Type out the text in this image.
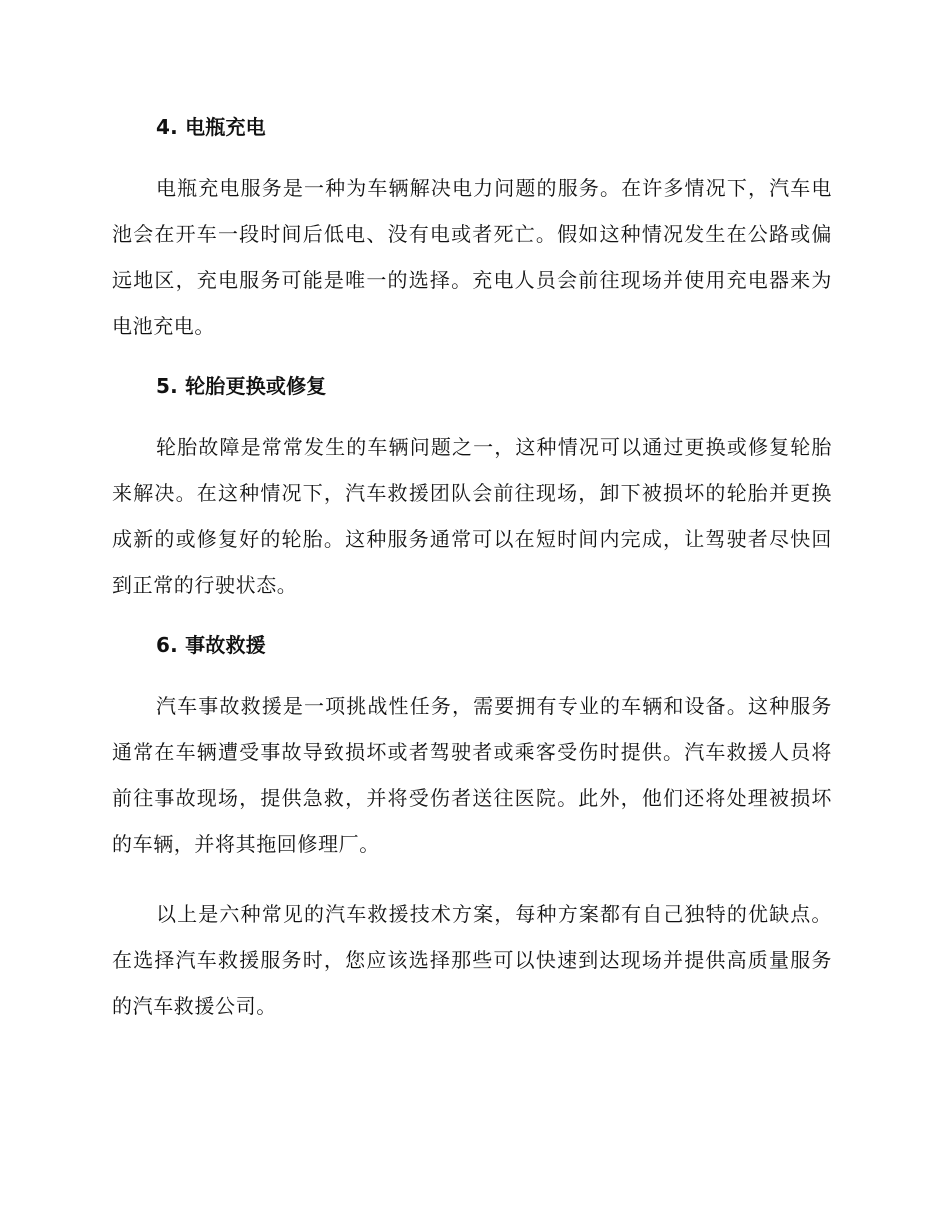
4. 电瓶充电

电瓶充电服务是一种为车辆解决电力问题的服务。在许多情况下，汽车电池会在开车一段时间后低电、没有电或者死亡。假如这种情况发生在公路或偏远地区，充电服务可能是唯一的选择。充电人员会前往现场并使用充电器来为电池充电。

5. 轮胎更换或修复

轮胎故障是常常发生的车辆问题之一，这种情况可以通过更换或修复轮胎来解决。在这种情况下，汽车救援团队会前往现场，卸下被损坏的轮胎并更换成新的或修复好的轮胎。这种服务通常可以在短时间内完成，让驾驶者尽快回到正常的行驶状态。

6. 事故救援

汽车事故救援是一项挑战性任务，需要拥有专业的车辆和设备。这种服务通常在车辆遭受事故导致损坏或者驾驶者或乘客受伤时提供。汽车救援人员将前往事故现场，提供急救，并将受伤者送往医院。此外，他们还将处理被损坏的车辆，并将其拖回修理厂。

以上是六种常见的汽车救援技术方案，每种方案都有自己独特的优缺点。在选择汽车救援服务时，您应该选择那些可以快速到达现场并提供高质量服务的汽车救援公司。
